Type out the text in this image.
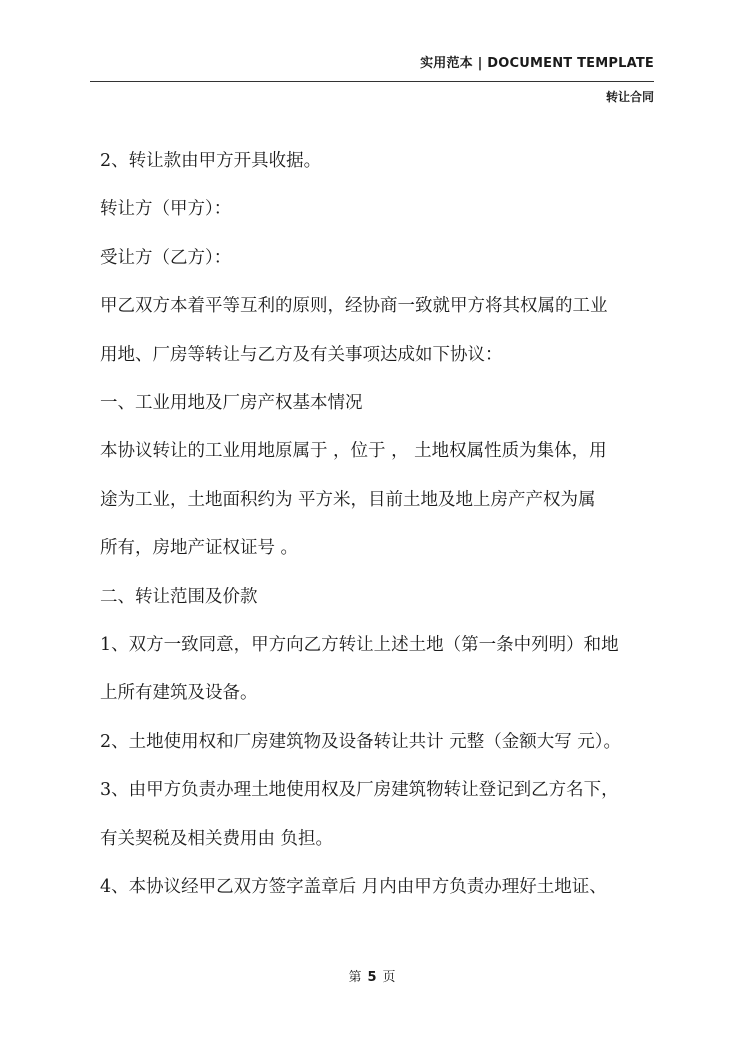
实用范本 | DOCUMENT TEMPLATE
转让合同

2、转让款由甲方开具收据。

转让方（甲方）：

受让方（乙方）：

甲乙双方本着平等互利的原则，经协商一致就甲方将其权属的工业

用地、厂房等转让与乙方及有关事项达成如下协议：

一、工业用地及厂房产权基本情况

本协议转让的工业用地原属于 ，位于 ， 土地权属性质为集体，用

途为工业，土地面积约为 平方米，目前土地及地上房产产权为属

所有，房地产证权证号 。

二、转让范围及价款

1、双方一致同意，甲方向乙方转让上述土地（第一条中列明）和地

上所有建筑及设备。

2、土地使用权和厂房建筑物及设备转让共计 元整（金额大写 元）。

3、由甲方负责办理土地使用权及厂房建筑物转让登记到乙方名下，

有关契税及相关费用由 负担。

4、本协议经甲乙双方签字盖章后 月内由甲方负责办理好土地证、

第 5 页
